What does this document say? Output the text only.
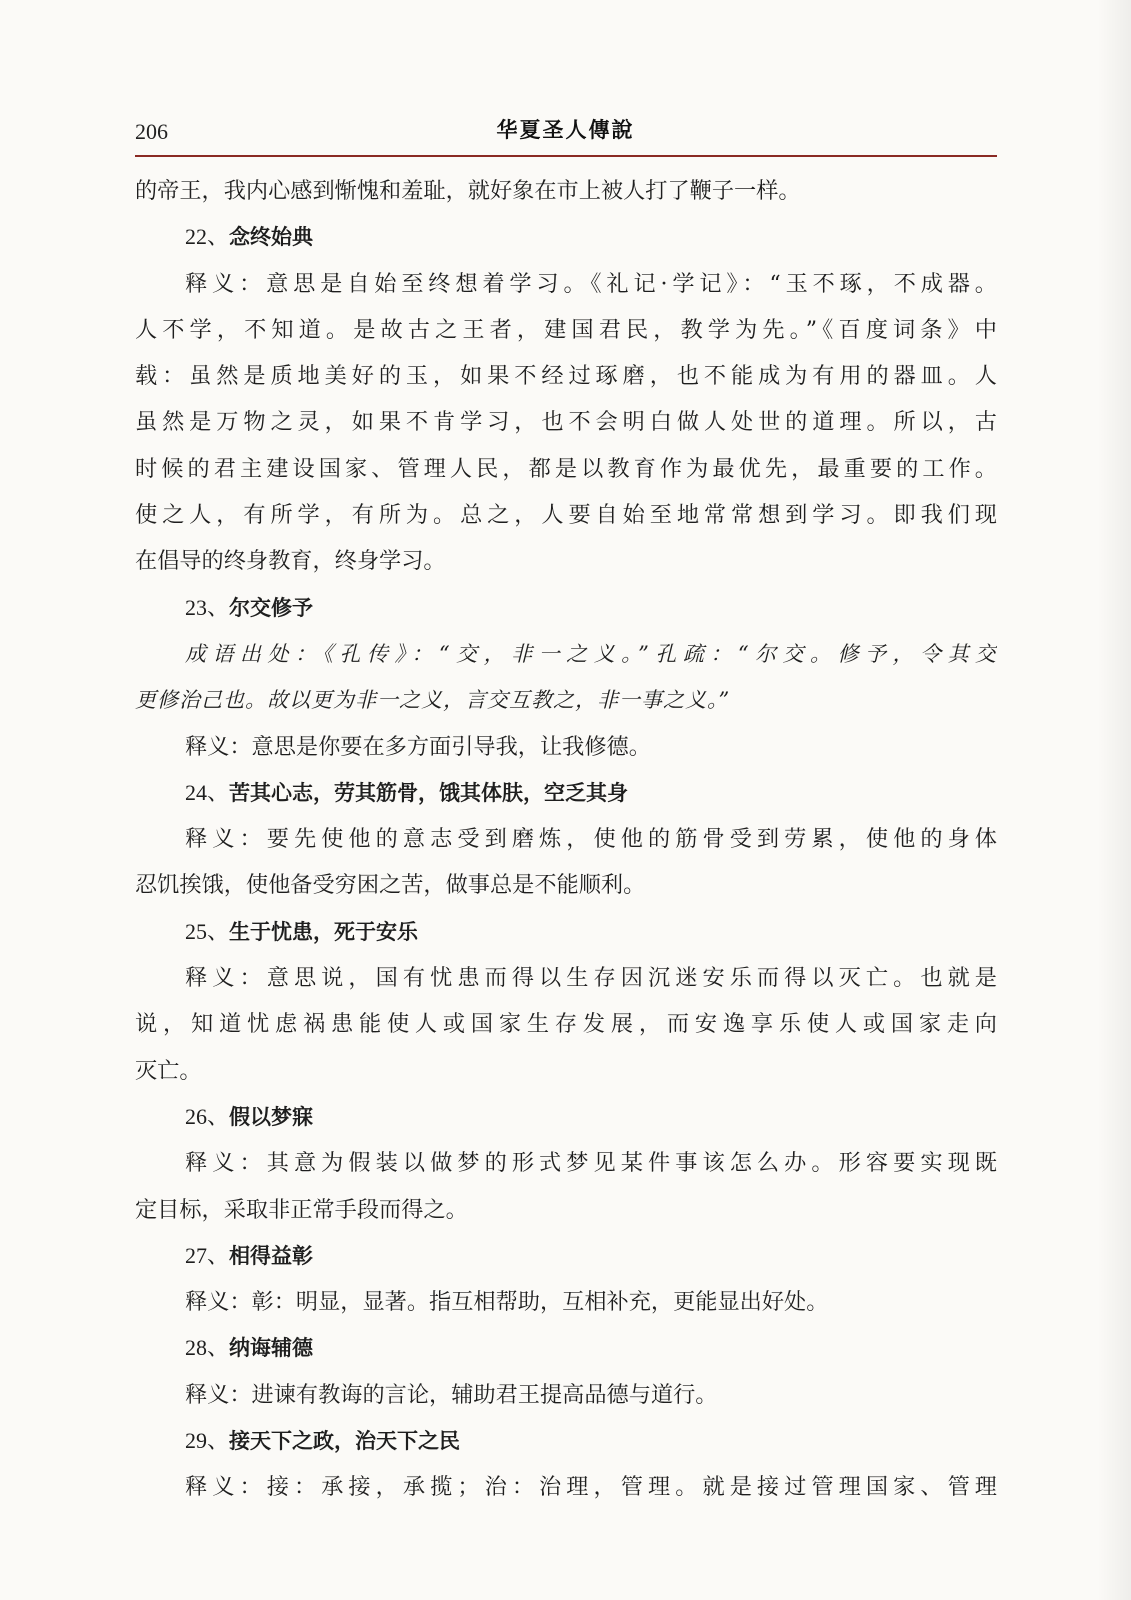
206	华夏圣人傳說
的帝王，我内心感到惭愧和羞耻，就好象在市上被人打了鞭子一样。
22、念终始典
释义：意思是自始至终想着学习。《礼记·学记》：“玉不琢，不成器。
人不学，不知道。是故古之王者，建国君民，教学为先。”《百度词条》中
载：虽然是质地美好的玉，如果不经过琢磨，也不能成为有用的器皿。人
虽然是万物之灵，如果不肯学习，也不会明白做人处世的道理。所以，古
时候的君主建设国家、管理人民，都是以教育作为最优先，最重要的工作。
使之人，有所学，有所为。总之，人要自始至地常常想到学习。即我们现
在倡导的终身教育，终身学习。
23、尔交修予
成语出处：《孔传》：“交，非一之义。”孔疏：“尔交。修予，令其交
更修治己也。故以更为非一之义，言交互教之，非一事之义。”
释义：意思是你要在多方面引导我，让我修德。
24、苦其心志，劳其筋骨，饿其体肤，空乏其身
释义：要先使他的意志受到磨炼，使他的筋骨受到劳累，使他的身体
忍饥挨饿，使他备受穷困之苦，做事总是不能顺利。
25、生于忧患，死于安乐
释义：意思说，国有忧患而得以生存因沉迷安乐而得以灭亡。也就是
说，知道忧虑祸患能使人或国家生存发展，而安逸享乐使人或国家走向
灭亡。
26、假以梦寐
释义：其意为假装以做梦的形式梦见某件事该怎么办。形容要实现既
定目标，采取非正常手段而得之。
27、相得益彰
释义：彰：明显，显著。指互相帮助，互相补充，更能显出好处。
28、纳诲辅德
释义：进谏有教诲的言论，辅助君王提高品德与道行。
29、接天下之政，治天下之民
释义：接：承接，承揽；治：治理，管理。就是接过管理国家、管理
